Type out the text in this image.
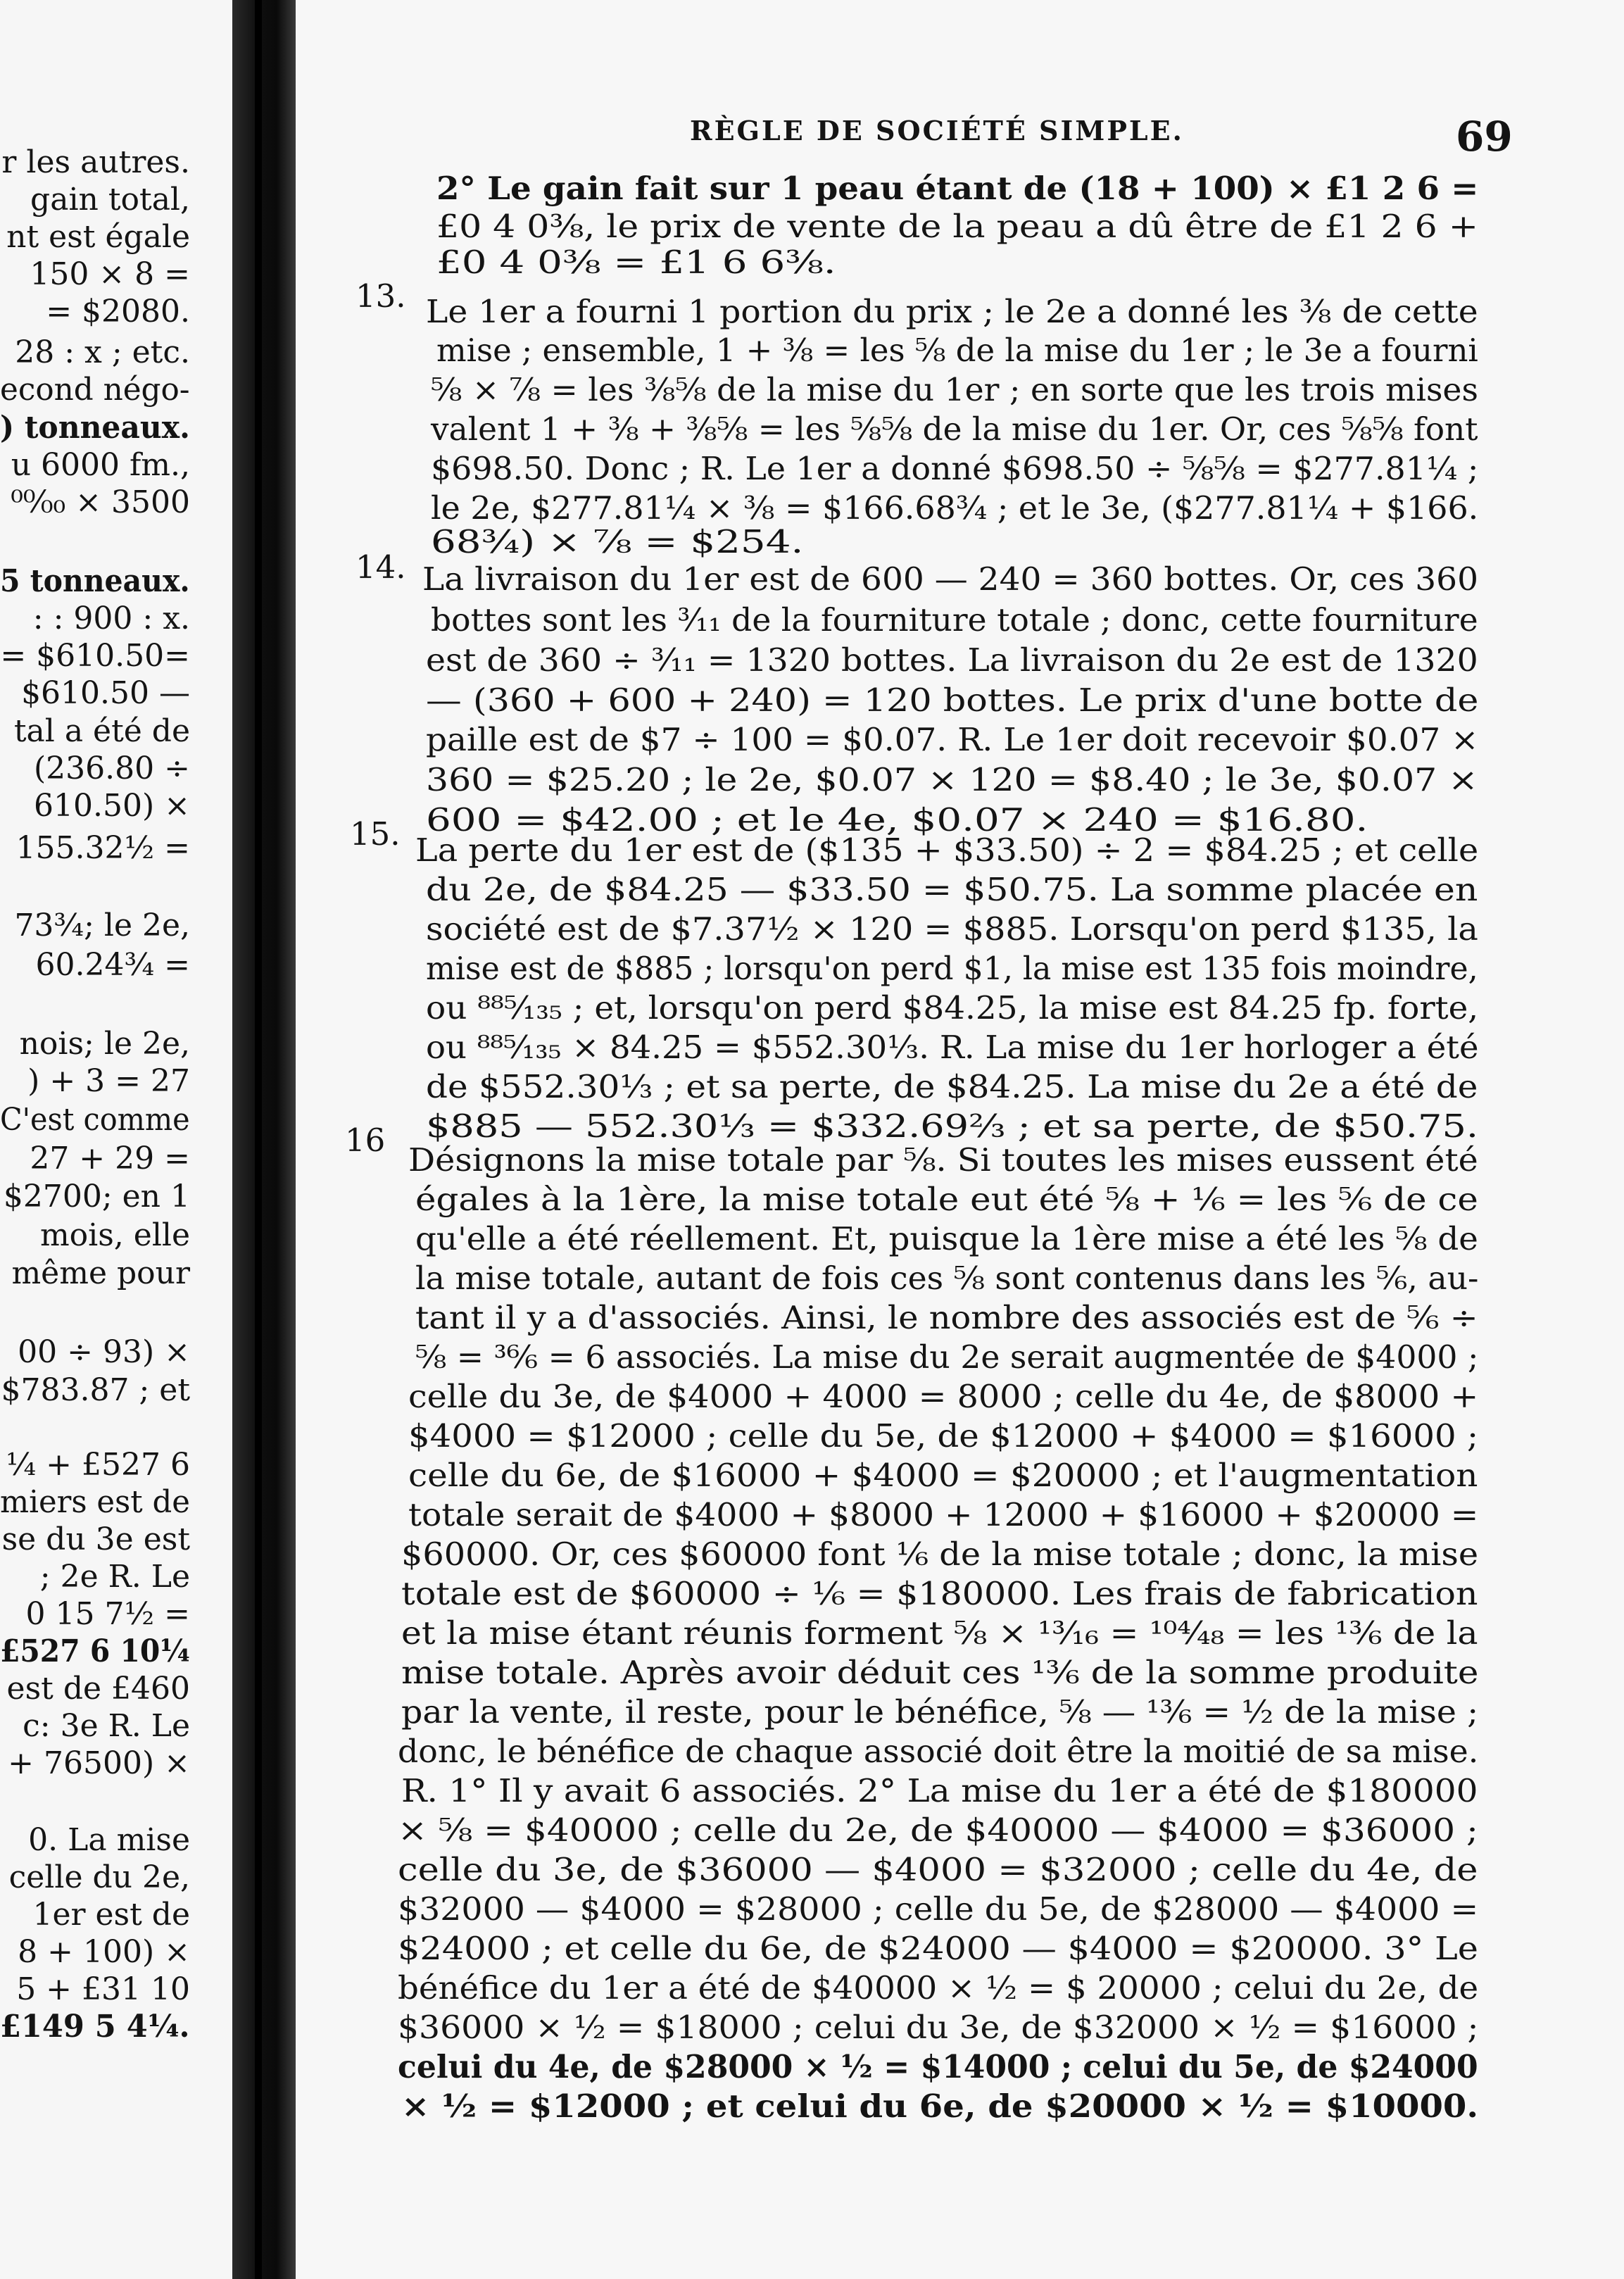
r les autres.
gain total,
nt est égale
150 × 8 =
= $2080.
28 : x ; etc.
econd négo-
) tonneaux.
u 6000 fm.,
⁰⁰⁄₀₀ × 3500
5 tonneaux.
: : 900 : x.
= $610.50=
$610.50 —
tal a été de
(236.80 ÷
610.50) ×
155.32½ =
73¾; le 2e,
60.24¾ =
nois; le 2e,
) + 3 = 27
C'est comme
27 + 29 =
$2700; en 1
mois, elle
même pour
00 ÷ 93) ×
$783.87 ; et
¼ + £527 6
miers est de
se du 3e est
; 2e R. Le
0 15 7½ =
£527 6 10¼
est de £460
c: 3e R. Le
+ 76500) ×
0. La mise
celle du 2e,
1er est de
8 + 100) ×
5 + £31 10
£149 5 4¼.
RÈGLE DE SOCIÉTÉ SIMPLE.	69
13.
14.
15.
16
2° Le gain fait sur 1 peau étant de (18 + 100) × £1 2 6 =
£0 4 0⅜, le prix de vente de la peau a dû être de £1 2 6 +
£0 4 0⅜ = £1 6 6⅜.
Le 1er a fourni 1 portion du prix ; le 2e a donné les ⅜ de cette
mise ; ensemble, 1 + ⅜ = les ⅝ de la mise du 1er ; le 3e a fourni
⅝ × ⅞ = les ⅜⅝ de la mise du 1er ; en sorte que les trois mises
valent 1 + ⅜ + ⅜⅝ = les ⅝⅝ de la mise du 1er. Or, ces ⅝⅝ font
$698.50. Donc ; R. Le 1er a donné $698.50 ÷ ⅝⅝ = $277.81¼ ;
le 2e, $277.81¼ × ⅜ = $166.68¾ ; et le 3e, ($277.81¼ + $166.
68¾) × ⅞ = $254.
La livraison du 1er est de 600 — 240 = 360 bottes. Or, ces 360
bottes sont les ³⁄₁₁ de la fourniture totale ; donc, cette fourniture
est de 360 ÷ ³⁄₁₁ = 1320 bottes. La livraison du 2e est de 1320
— (360 + 600 + 240) = 120 bottes. Le prix d'une botte de
paille est de $7 ÷ 100 = $0.07. R. Le 1er doit recevoir $0.07 ×
360 = $25.20 ; le 2e, $0.07 × 120 = $8.40 ; le 3e, $0.07 ×
600 = $42.00 ; et le 4e, $0.07 × 240 = $16.80.
La perte du 1er est de ($135 + $33.50) ÷ 2 = $84.25 ; et celle
du 2e, de $84.25 — $33.50 = $50.75. La somme placée en
société est de $7.37½ × 120 = $885. Lorsqu'on perd $135, la
mise est de $885 ; lorsqu'on perd $1, la mise est 135 fois moindre,
ou ⁸⁸⁵⁄₁₃₅ ; et, lorsqu'on perd $84.25, la mise est 84.25 fp. forte,
ou ⁸⁸⁵⁄₁₃₅ × 84.25 = $552.30⅓. R. La mise du 1er horloger a été
de $552.30⅓ ; et sa perte, de $84.25. La mise du 2e a été de
$885 — 552.30⅓ = $332.69⅔ ; et sa perte, de $50.75.
Désignons la mise totale par ⅝. Si toutes les mises eussent été
égales à la 1ère, la mise totale eut été ⅝ + ⅙ = les ⅚ de ce
qu'elle a été réellement. Et, puisque la 1ère mise a été les ⅝ de
la mise totale, autant de fois ces ⅝ sont contenus dans les ⅚, au-
tant il y a d'associés. Ainsi, le nombre des associés est de ⅚ ÷
⅝ = ³⁶⁄₆ = 6 associés. La mise du 2e serait augmentée de $4000 ;
celle du 3e, de $4000 + 4000 = 8000 ; celle du 4e, de $8000 +
$4000 = $12000 ; celle du 5e, de $12000 + $4000 = $16000 ;
celle du 6e, de $16000 + $4000 = $20000 ; et l'augmentation
totale serait de $4000 + $8000 + 12000 + $16000 + $20000 =
$60000. Or, ces $60000 font ⅙ de la mise totale ; donc, la mise
totale est de $60000 ÷ ⅙ = $180000. Les frais de fabrication
et la mise étant réunis forment ⅝ × ¹³⁄₁₆ = ¹⁰⁴⁄₄₈ = les ¹³⁄₆ de la
mise totale. Après avoir déduit ces ¹³⁄₆ de la somme produite
par la vente, il reste, pour le bénéfice, ⅝ — ¹³⁄₆ = ½ de la mise ;
donc, le bénéfice de chaque associé doit être la moitié de sa mise.
R. 1° Il y avait 6 associés. 2° La mise du 1er a été de $180000
× ⅝ = $40000 ; celle du 2e, de $40000 — $4000 = $36000 ;
celle du 3e, de $36000 — $4000 = $32000 ; celle du 4e, de
$32000 — $4000 = $28000 ; celle du 5e, de $28000 — $4000 =
$24000 ; et celle du 6e, de $24000 — $4000 = $20000. 3° Le
bénéfice du 1er a été de $40000 × ½ = $ 20000 ; celui du 2e, de
$36000 × ½ = $18000 ; celui du 3e, de $32000 × ½ = $16000 ;
celui du 4e, de $28000 × ½ = $14000 ; celui du 5e, de $24000
× ½ = $12000 ; et celui du 6e, de $20000 × ½ = $10000.
